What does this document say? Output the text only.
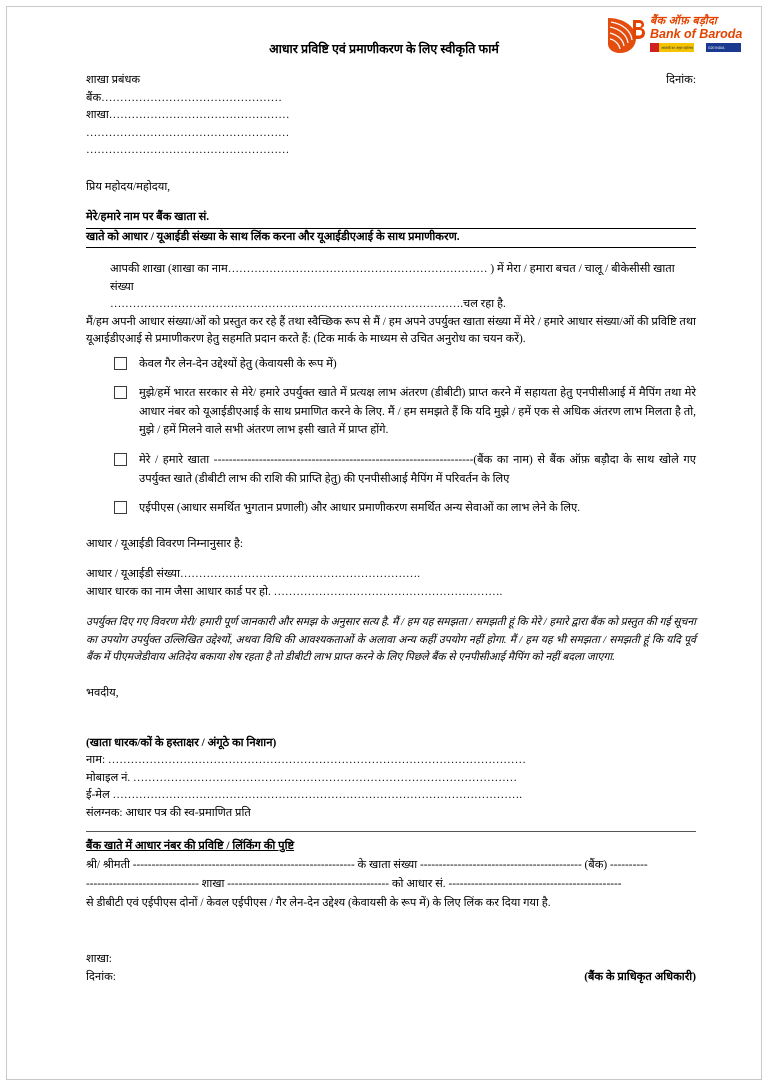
बैंक ऑफ़ बड़ौदा
Bank of Baroda
आज़ादी का अमृत महोत्सव	G20 INDIA
आधार प्रविष्टि एवं प्रमाणीकरण के लिए स्वीकृति फार्म
शाखा प्रबंधक
बैंक…………………………………………
शाखा…………………………………………
………………………………………………
………………………………………………
दिनांक:
प्रिय महोदय/महोदया,
मेरे/हमारे नाम पर बैंक खाता सं.
खाते को आधार / यूआईडी संख्या के साथ लिंक करना और यूआईडीएआई के साथ प्रमाणीकरण.
आपकी शाखा (शाखा का नाम…………………………………………………………… ) में मेरा / हमारा बचत / चालू / बीकेसीसी खाता संख्या
………………………………………………………………………………….चल रहा है.
मैं/हम अपनी आधार संख्या/ओं को प्रस्तुत कर रहे हैं तथा स्वैच्छिक रूप से मैं / हम अपने उपर्युक्त खाता संख्या में मेरे / हमारे आधार संख्या/ओं की प्रविष्टि तथा यूआईडीएआई से प्रमाणीकरण हेतु सहमति प्रदान करते हैं: (टिक मार्क के माध्यम से उचित अनुरोध का चयन करें).
केवल गैर लेन-देन उद्देश्यों हेतु (केवायसी के रूप में)
मुझे/हमें भारत सरकार से मेरे/ हमारे उपर्युक्त खाते में प्रत्यक्ष लाभ अंतरण (डीबीटी) प्राप्त करने में सहायता हेतु एनपीसीआई में मैपिंग तथा मेरे आधार नंबर को यूआईडीएआई के साथ प्रमाणित करने के लिए. मैं / हम समझते हैं कि यदि मुझे / हमें एक से अधिक अंतरण लाभ मिलता है तो, मुझे / हमें मिलने वाले सभी अंतरण लाभ इसी खाते में प्राप्त होंगे.
मेरे / हमारे खाता ---------------------------------------------------------------------(बैंक का नाम) से बैंक ऑफ़ बड़ौदा के साथ खोले गए उपर्युक्त खाते (डीबीटी लाभ की राशि की प्राप्ति हेतु) की एनपीसीआई मैपिंग में परिवर्तन के लिए
एईपीएस (आधार समर्थित भुगतान प्रणाली) और आधार प्रमाणीकरण समर्थित अन्य सेवाओं का लाभ लेने के लिए.
आधार / यूआईडी विवरण निम्नानुसार है:
आधार / यूआईडी संख्या……………………………………………………….
आधार धारक का नाम जैसा आधार कार्ड पर हो. …………………………………………………….
उपर्युक्त दिए गए विवरण मेरी/ हमारी पूर्ण जानकारी और समझ के अनुसार सत्य है. मैं / हम यह समझता / समझती हूं कि मेरे / हमारे द्वारा बैंक को प्रस्तुत की गई सूचना का उपयोग उपर्युक्त उल्लिखित उद्देश्यों, अथवा विधि की आवश्यकताओं के अलावा अन्य कहीं उपयोग नहीं होगा. मैं / हम यह भी समझता / समझती हूं कि यदि पूर्व बैंक में पीएमजेडीवाय अतिदेय बकाया शेष रहता है तो डीबीटी लाभ प्राप्त करने के लिए पिछले बैंक से एनपीसीआई मैपिंग को नहीं बदला जाएगा.
भवदीय,
(खाता धारक/कों के हस्ताक्षर / अंगूठे का निशान)
नाम: …………………………………………………………………………………………………
मोबाइल नं. …………………………………………………………………………………………
ई-मेल ……………………………………………………………………………………………….
संलग्नक: आधार पत्र की स्व-प्रमाणित प्रति
बैंक खाते में आधार नंबर की प्रविष्टि / लिंकिंग की पुष्टि
श्री/ श्रीमती ----------------------------------------------------------- के खाता संख्या ------------------------------------------- (बैंक) ----------
------------------------------ शाखा ------------------------------------------- को आधार सं. ----------------------------------------------
से डीबीटी एवं एईपीएस दोनों / केवल एईपीएस / गैर लेन-देन उद्देश्य (केवायसी के रूप में) के लिए लिंक कर दिया गया है.
शाखा:
दिनांक:	(बैंक के प्राधिकृत अधिकारी)
